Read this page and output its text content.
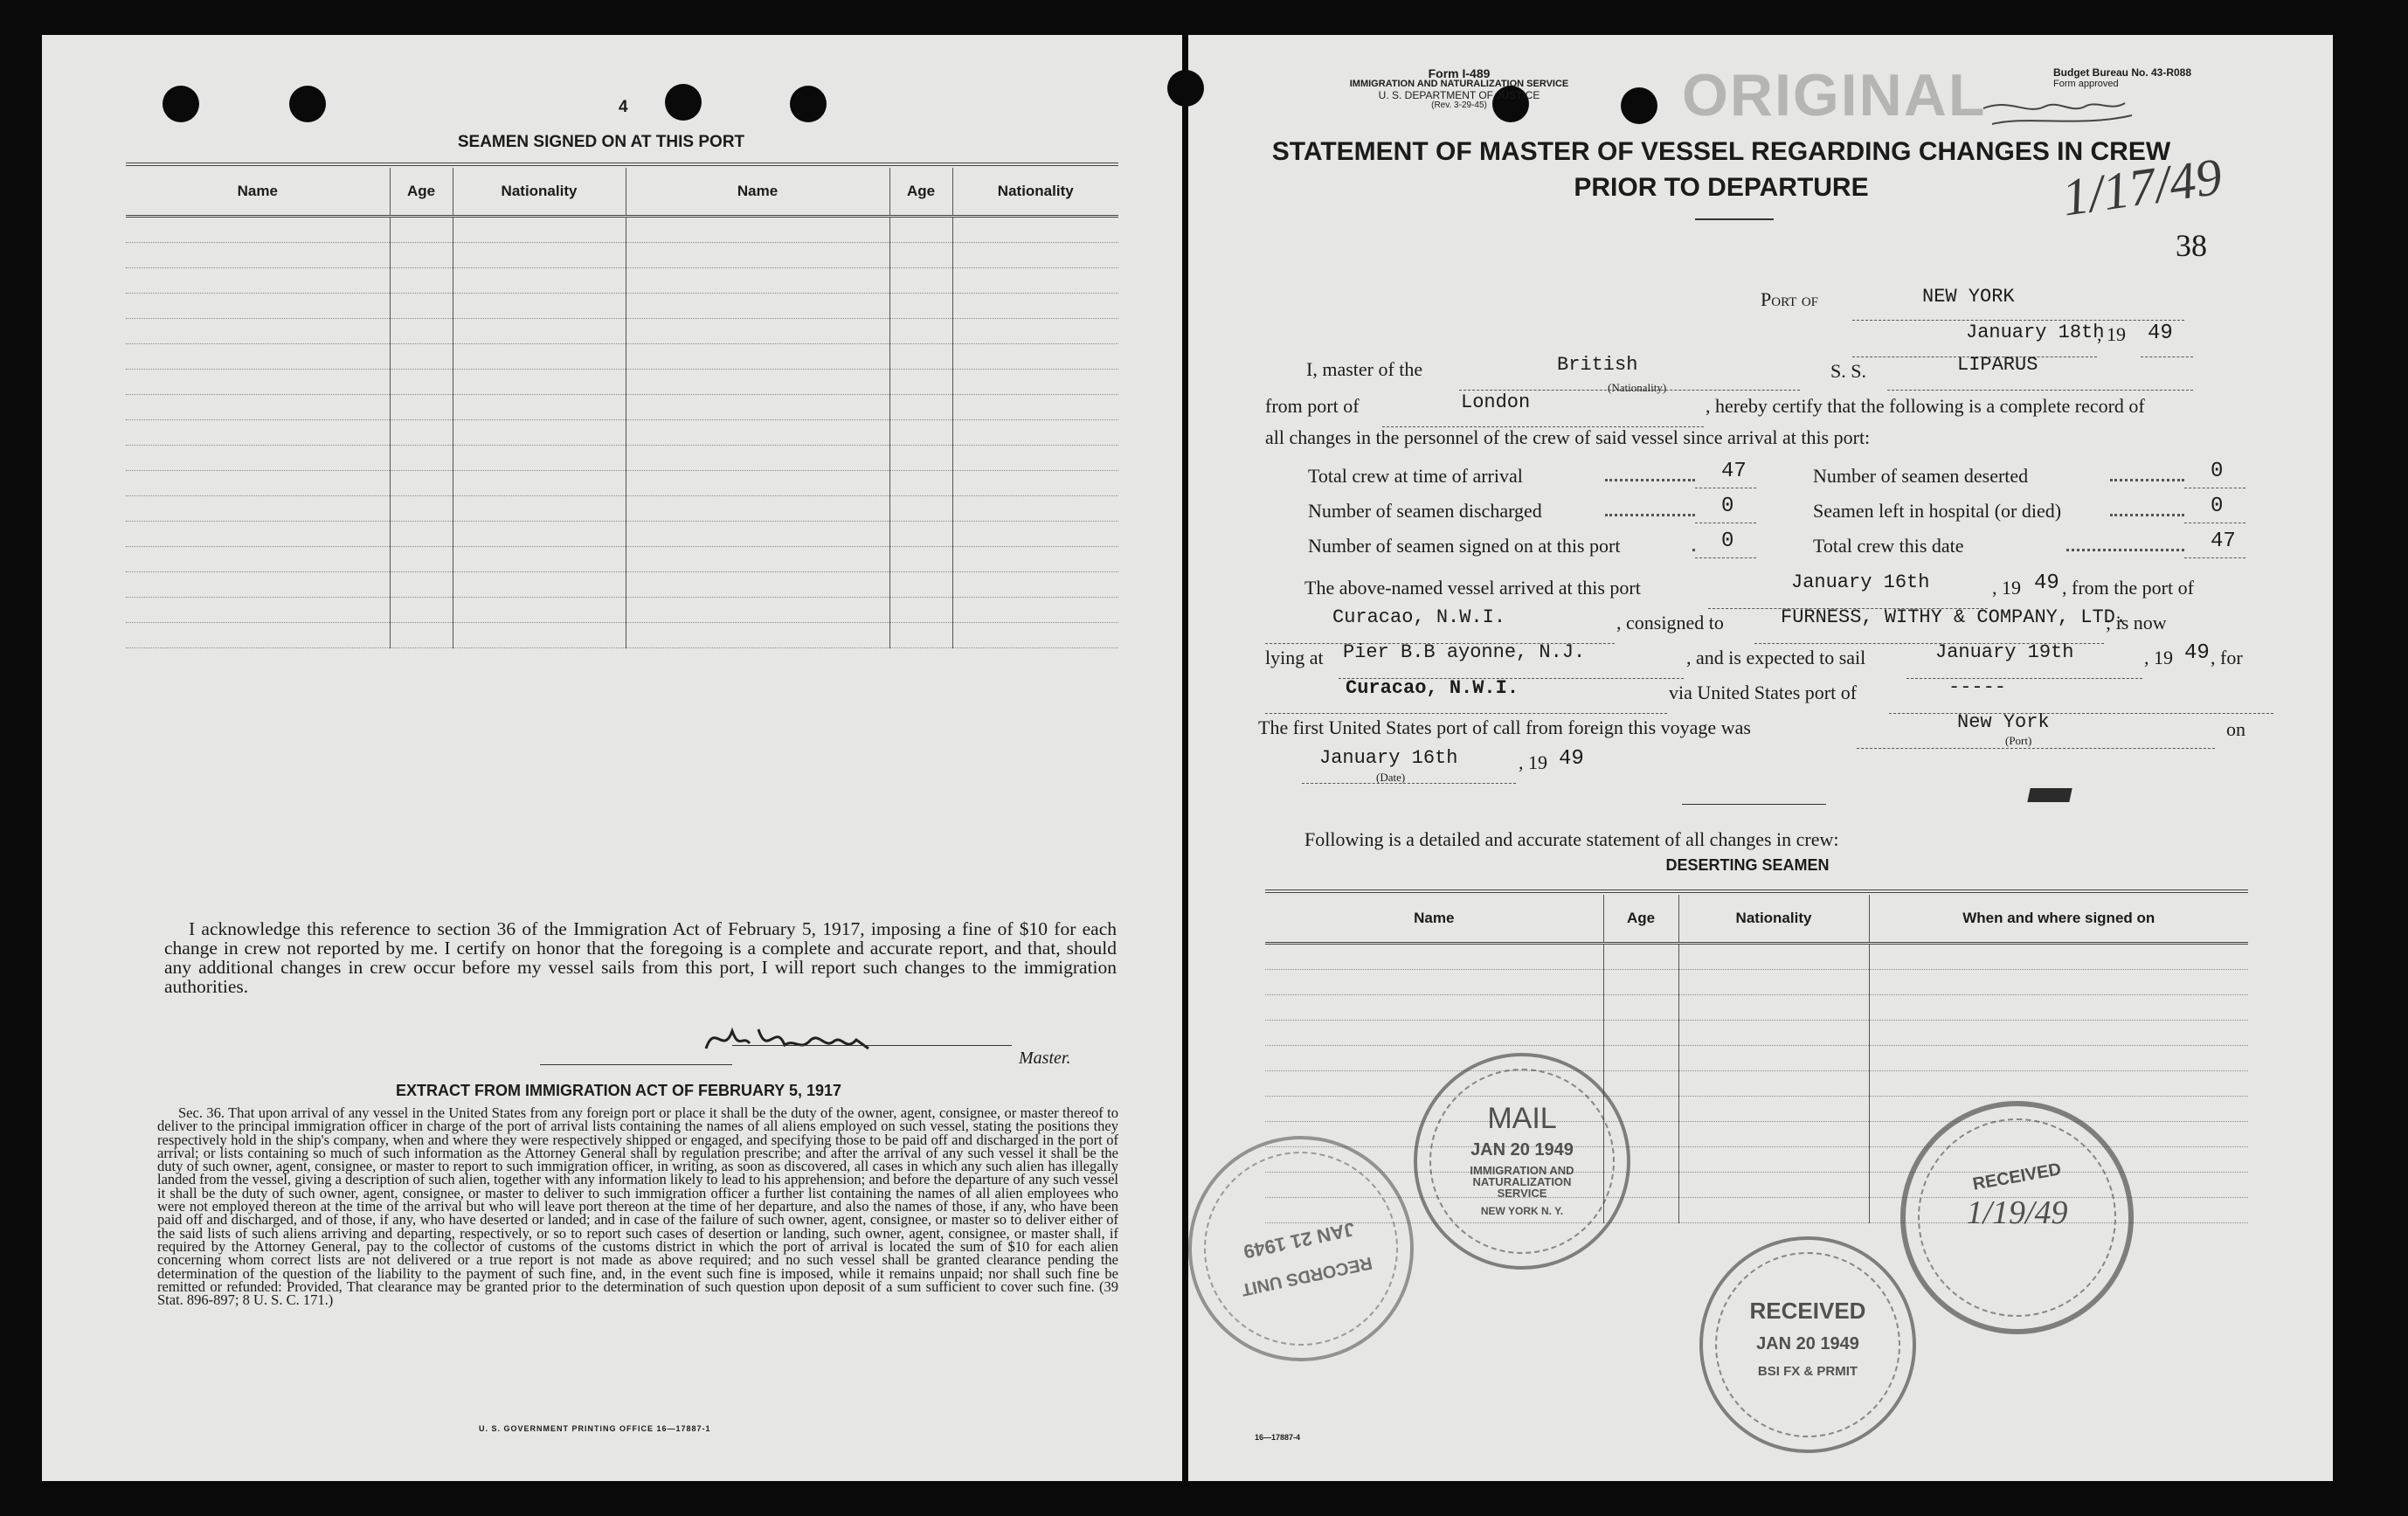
4
SEAMEN SIGNED ON AT THIS PORT
Name	Age	Nationality	Name	Age	Nationality

I acknowledge this reference to section 36 of the Immigration Act of February 5, 1917, imposing a fine of $10 for each change in crew not reported by me. I certify on honor that the foregoing is a complete and accurate report, and that, should any additional changes in crew occur before my vessel sails from this port, I will report such changes to the immigration authorities.
Master.
EXTRACT FROM IMMIGRATION ACT OF FEBRUARY 5, 1917
Sec. 36. That upon arrival of any vessel in the United States from any foreign port or place it shall be the duty of the owner, agent, consignee, or master thereof to deliver to the principal immigration officer in charge of the port of arrival lists containing the names of all aliens employed on such vessel, stating the positions they respectively hold in the ship's company, when and where they were respectively shipped or engaged, and specifying those to be paid off and discharged in the port of arrival; or lists containing so much of such information as the Attorney General shall by regulation prescribe; and after the arrival of any such vessel it shall be the duty of such owner, agent, consignee, or master to report to such immigration officer, in writing, as soon as discovered, all cases in which any such alien has illegally landed from the vessel, giving a description of such alien, together with any information likely to lead to his apprehension; and before the departure of any such vessel it shall be the duty of such owner, agent, consignee, or master to deliver to such immigration officer a further list containing the names of all alien employees who were not employed thereon at the time of the arrival but who will leave port thereon at the time of her departure, and also the names of those, if any, who have been paid off and discharged, and of those, if any, who have deserted or landed; and in case of the failure of such owner, agent, consignee, or master so to deliver either of the said lists of such aliens arriving and departing, respectively, or so to report such cases of desertion or landing, such owner, agent, consignee, or master shall, if required by the Attorney General, pay to the collector of customs of the customs district in which the port of arrival is located the sum of $10 for each alien concerning whom correct lists are not delivered or a true report is not made as above required; and no such vessel shall be granted clearance pending the determination of the question of the liability to the payment of such fine, and, in the event such fine is imposed, while it remains unpaid; nor shall such fine be remitted or refunded: Provided, That clearance may be granted prior to the determination of such question upon deposit of a sum sufficient to cover such fine. (39 Stat. 896-897; 8 U. S. C. 171.)
U. S. GOVERNMENT PRINTING OFFICE 16—17887-1
Form I-489
IMMIGRATION AND NATURALIZATION SERVICE
U. S. DEPARTMENT OF JUSTICE
(Rev. 3-29-45)	ORIGINAL	Budget Bureau No. 43-R088
Form approved
1/17/49
STATEMENT OF MASTER OF VESSEL REGARDING CHANGES IN CREW
PRIOR TO DEPARTURE
38
Port of	NEW YORK
January 18th
, 19 49
I, master of the	British
(Nationality)
S. S.	LIPARUS
from port of	London	, hereby certify that the following is a complete record of
all changes in the personnel of the crew of said vessel since arrival at this port:
Total crew at time of arrival	47	Number of seamen deserted	0
Number of seamen discharged	0	Seamen left in hospital (or died)	0
Number of seamen signed on at this port	0	Total crew this date	47
The above-named vessel arrived at this port	January 16th	, 19 49 , from the port of
Curacao, N.W.I.	, consigned to	FURNESS, WITHY & COMPANY, LTD.
; is now
lying at Pier B.B ayonne, N.J.	, and is expected to sail	January 19th	, 19 49 , for
Curacao, N.W.I.	via United States port of	-----
The first United States port of call from foreign this voyage was	New York
(Port)
on
January 16th
(Date)
, 19 49
Following is a detailed and accurate statement of all changes in crew:
DESERTING SEAMEN
Name	Age	Nationality	When and where signed on

16—17887-4
RECORDS UNIT
JAN 21 1949
MAIL
JAN 20 1949
IMMIGRATION AND NATURALIZATION SERVICE
NEW YORK N. Y.
RECEIVED
JAN 20 1949
BSI FX & PRMIT
RECEIVED
1/19/49
